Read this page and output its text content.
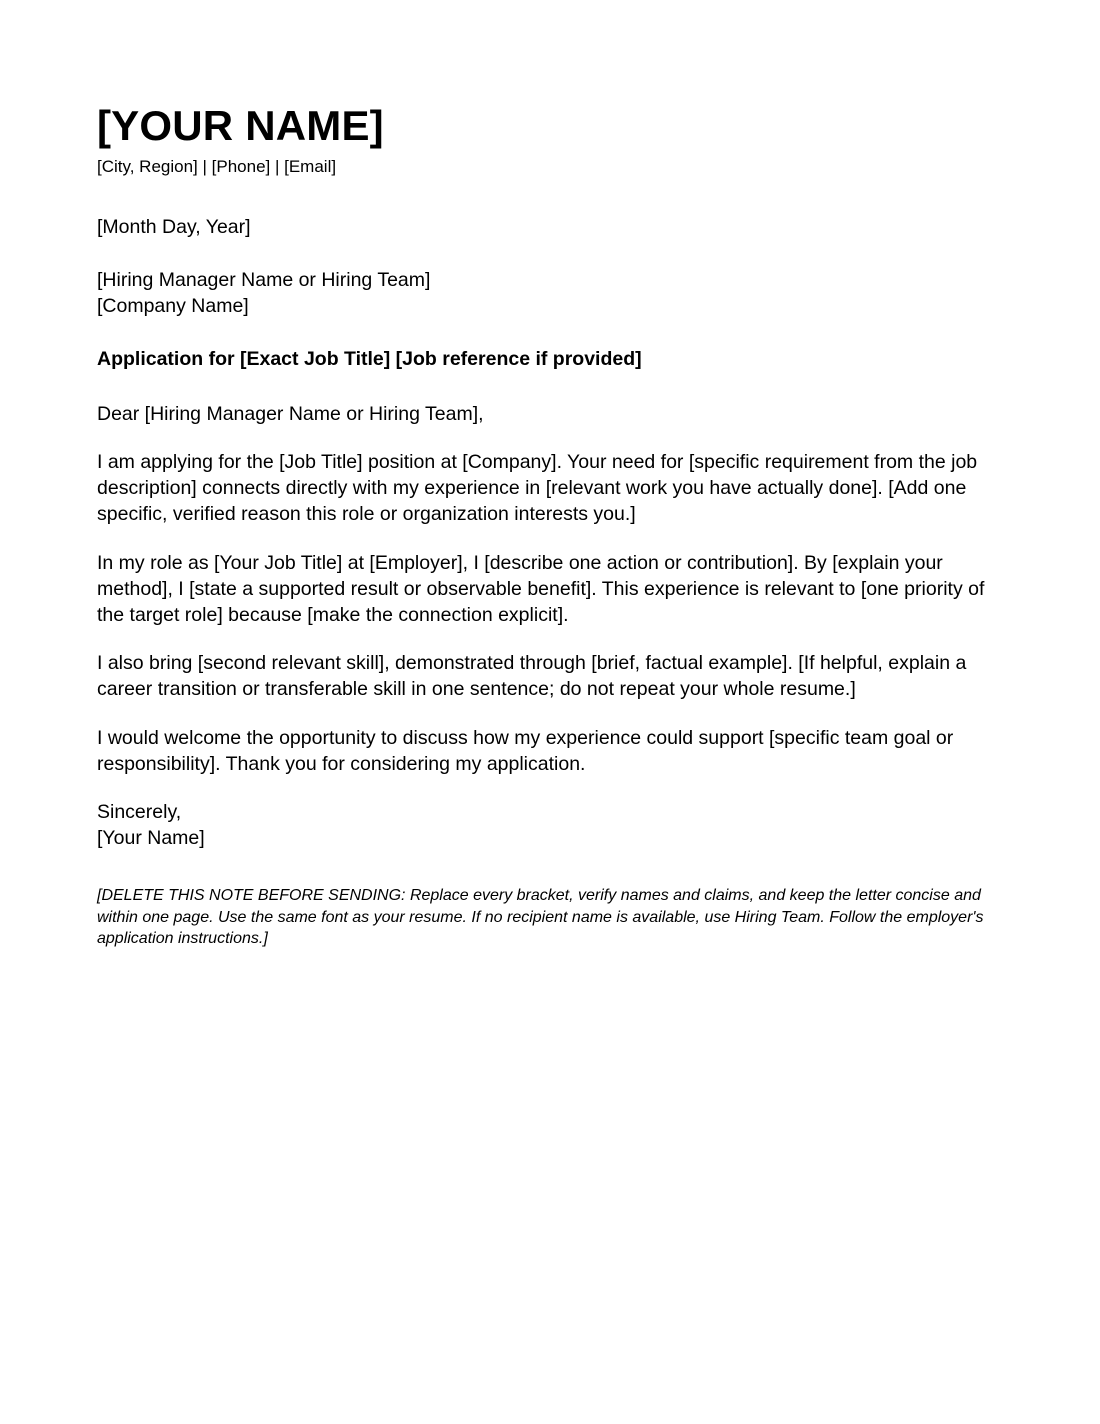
[YOUR NAME]

[City, Region] | [Phone] | [Email]

[Month Day, Year]

[Hiring Manager Name or Hiring Team]
[Company Name]

Application for [Exact Job Title] [Job reference if provided]

Dear [Hiring Manager Name or Hiring Team],

I am applying for the [Job Title] position at [Company]. Your need for [specific requirement from the job description] connects directly with my experience in [relevant work you have actually done]. [Add one specific, verified reason this role or organization interests you.]

In my role as [Your Job Title] at [Employer], I [describe one action or contribution]. By [explain your method], I [state a supported result or observable benefit]. This experience is relevant to [one priority of the target role] because [make the connection explicit].

I also bring [second relevant skill], demonstrated through [brief, factual example]. [If helpful, explain a career transition or transferable skill in one sentence; do not repeat your whole resume.]

I would welcome the opportunity to discuss how my experience could support [specific team goal or responsibility]. Thank you for considering my application.

Sincerely,
[Your Name]

[DELETE THIS NOTE BEFORE SENDING: Replace every bracket, verify names and claims, and keep the letter concise and within one page. Use the same font as your resume. If no recipient name is available, use Hiring Team. Follow the employer's application instructions.]
